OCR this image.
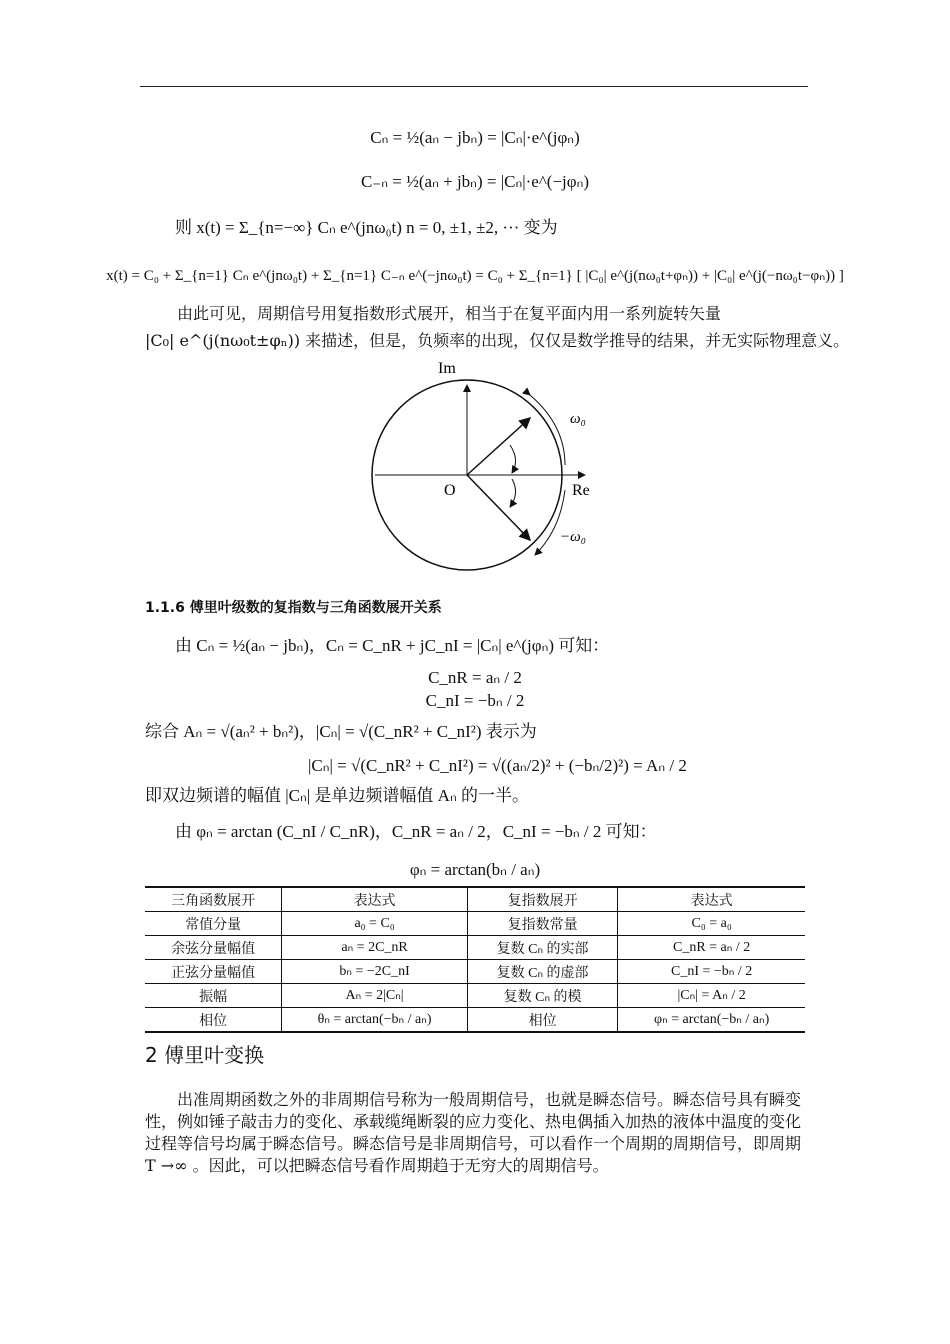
Cₙ = ½(aₙ − jbₙ) = |Cₙ|·e^(jφₙ)
C₋ₙ = ½(aₙ + jbₙ) = |Cₙ|·e^(−jφₙ)
则 x(t) = Σ_{n=−∞} Cₙ e^(jnω₀t) n = 0, ±1, ±2, ··· 变为
x(t) = C₀ + Σ_{n=1} Cₙ e^(jnω₀t) + Σ_{n=1} C₋ₙ e^(−jnω₀t) = C₀ + Σ_{n=1} [ |C₀| e^(j(nω₀t+φₙ)) + |C₀| e^(j(−nω₀t−φₙ)) ]
由此可见，周期信号用复指数形式展开，相当于在复平面内用一系列旋转矢量
|C₀| e^(j(nω₀t±φₙ)) 来描述，但是，负频率的出现，仅仅是数学推导的结果，并无实际物理意义。
Im
O	Re
ω₀
−ω₀
1.1.6 傅里叶级数的复指数与三角函数展开关系
由 Cₙ = ½(aₙ − jbₙ)，Cₙ = C_nR + jC_nI = |Cₙ| e^(jφₙ) 可知：
C_nR = aₙ / 2
C_nI = −bₙ / 2
综合 Aₙ = √(aₙ² + bₙ²)，|Cₙ| = √(C_nR² + C_nI²) 表示为
|Cₙ| = √(C_nR² + C_nI²) = √((aₙ/2)² + (−bₙ/2)²) = Aₙ / 2
即双边频谱的幅值 |Cₙ| 是单边频谱幅值 Aₙ 的一半。
由 φₙ = arctan (C_nI / C_nR)，C_nR = aₙ / 2，C_nI = −bₙ / 2 可知：
φₙ = arctan(bₙ / aₙ)
三角函数展开	表达式	复指数展开	表达式
常值分量	a₀ = C₀	复指数常量	C₀ = a₀
余弦分量幅值	aₙ = 2C_nR	复数 Cₙ 的实部	C_nR = aₙ / 2
正弦分量幅值	bₙ = −2C_nI	复数 Cₙ 的虚部	C_nI = −bₙ / 2
振幅	Aₙ = 2|Cₙ|	复数 Cₙ 的模	|Cₙ| = Aₙ / 2
相位	θₙ = arctan(−bₙ / aₙ)	相位	φₙ = arctan(−bₙ / aₙ)
2 傅里叶变换
出准周期函数之外的非周期信号称为一般周期信号，也就是瞬态信号。瞬态信号具有瞬变性，例如锤子敲击力的变化、承载缆绳断裂的应力变化、热电偶插入加热的液体中温度的变化过程等信号均属于瞬态信号。瞬态信号是非周期信号，可以看作一个周期的周期信号，即周期 T →∞ 。因此，可以把瞬态信号看作周期趋于无穷大的周期信号。
